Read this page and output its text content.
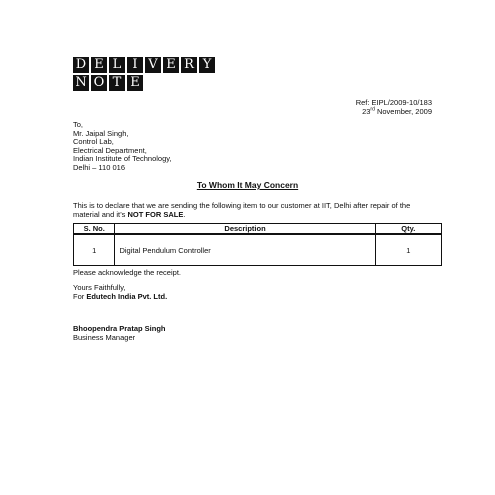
D E L I V E R Y
N O T E
Ref: EIPL/2009-10/183
23rd November, 2009
To,
Mr. Jaipal Singh,
Control Lab,
Electrical Department,
Indian Institute of Technology,
Delhi – 110 016
To Whom It May Concern
This is to declare that we are sending the following item to our customer at IIT, Delhi after repair of the material and it’s NOT FOR SALE.
S. No.	Description	Qty.
1	Digital Pendulum Controller	1
Please acknowledge the receipt.
Yours Faithfully,
For Edutech India Pvt. Ltd.
Bhoopendra Pratap Singh
Business Manager
